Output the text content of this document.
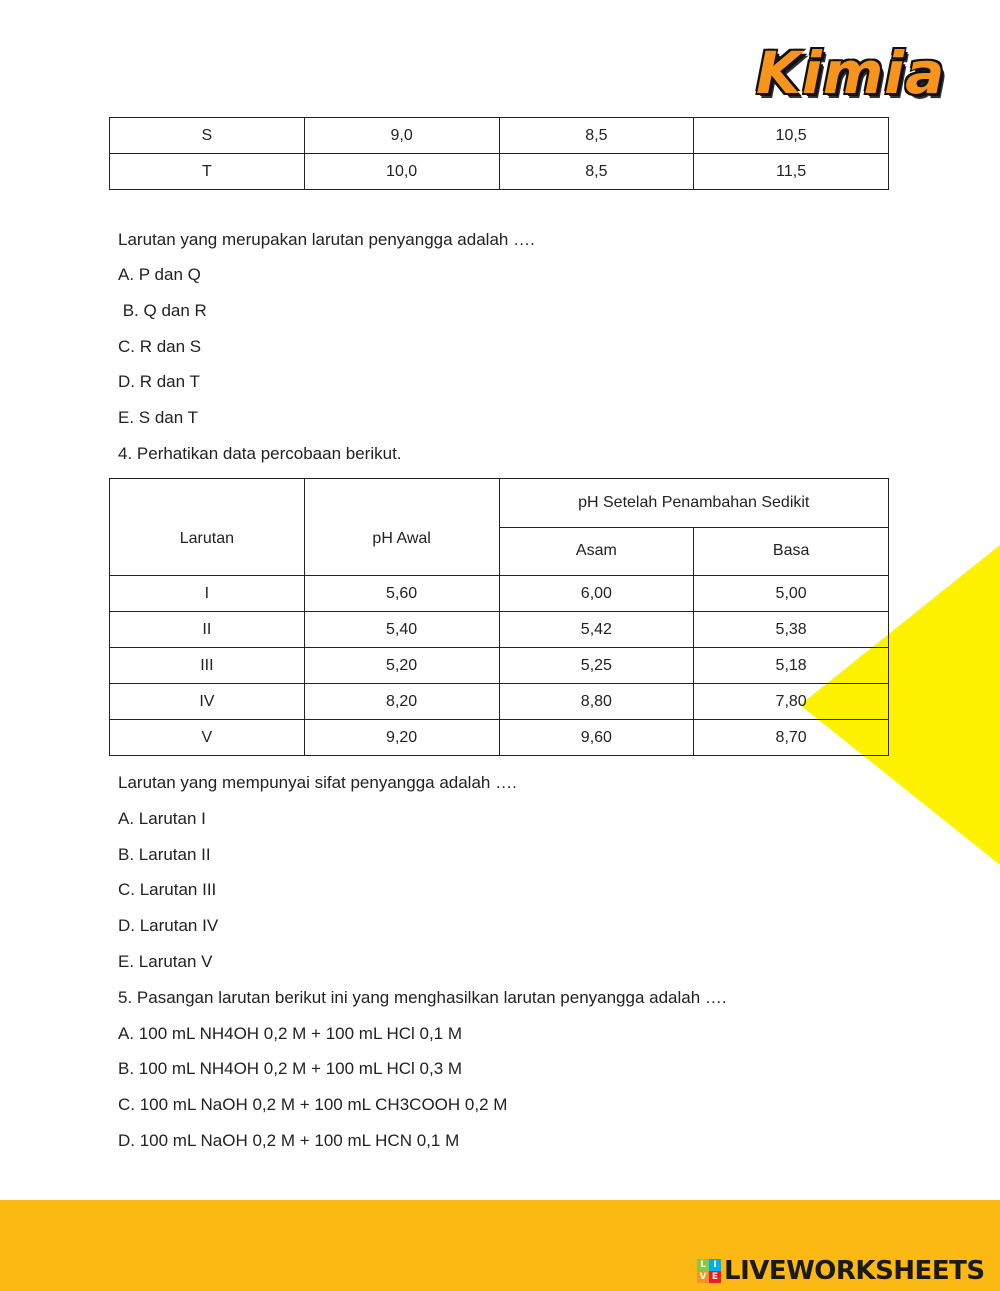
Kimia
S	9,0	8,5	10,5
T	10,0	8,5	11,5
Larutan yang merupakan larutan penyangga adalah ….
A. P dan Q
B. Q dan R
C. R dan S
D. R dan T
E. S dan T
4. Perhatikan data percobaan berikut.
Larutan	pH Awal	pH Setelah Penambahan Sedikit	
		Asam	Basa
I	5,60	6,00	5,00
II	5,40	5,42	5,38
III	5,20	5,25	5,18
IV	8,20	8,80	7,80
V	9,20	9,60	8,70
Larutan yang mempunyai sifat penyangga adalah ….
A. Larutan I
B. Larutan II
C. Larutan III
D. Larutan IV
E. Larutan V
5. Pasangan larutan berikut ini yang menghasilkan larutan penyangga adalah ….
A. 100 mL NH4OH 0,2 M + 100 mL HCl 0,1 M
B. 100 mL NH4OH 0,2 M + 100 mL HCl 0,3 M
C. 100 mL NaOH 0,2 M + 100 mL CH3COOH 0,2 M
D. 100 mL NaOH 0,2 M + 100 mL HCN 0,1 M
L I
V E LIVEWORKSHEETS
